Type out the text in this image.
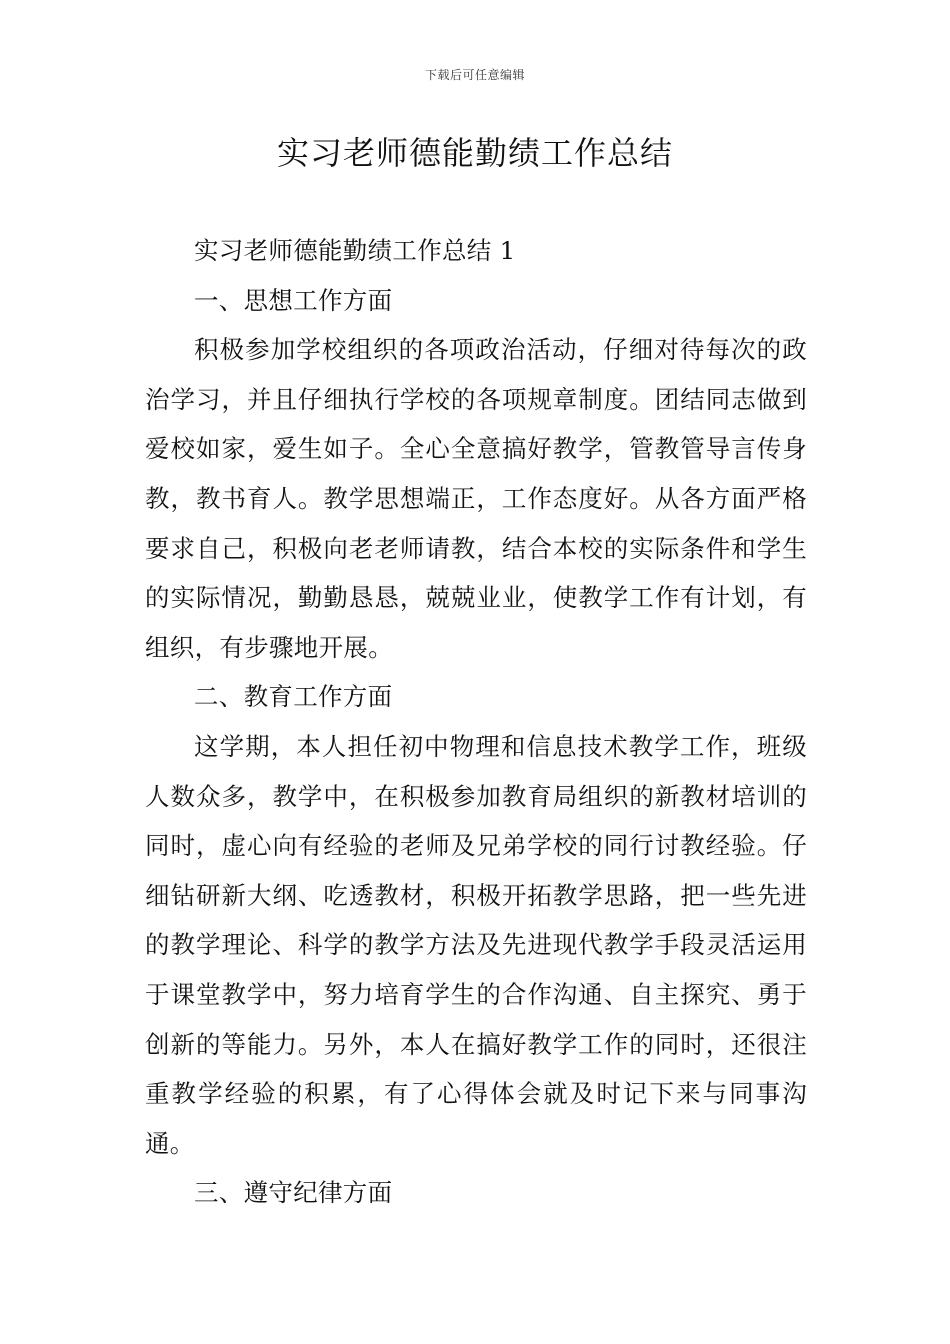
下载后可任意编辑
实习老师德能勤绩工作总结

实习老师德能勤绩工作总结 1

一、思想工作方面

积极参加学校组织的各项政治活动，仔细对待每次的政治学习，并且仔细执行学校的各项规章制度。团结同志做到爱校如家，爱生如子。全心全意搞好教学，管教管导言传身教，教书育人。教学思想端正，工作态度好。从各方面严格要求自己，积极向老老师请教，结合本校的实际条件和学生的实际情况，勤勤恳恳，兢兢业业，使教学工作有计划，有组织，有步骤地开展。

二、教育工作方面

这学期，本人担任初中物理和信息技术教学工作，班级人数众多，教学中，在积极参加教育局组织的新教材培训的同时，虚心向有经验的老师及兄弟学校的同行讨教经验。仔细钻研新大纲、吃透教材，积极开拓教学思路，把一些先进的教学理论、科学的教学方法及先进现代教学手段灵活运用于课堂教学中，努力培育学生的合作沟通、自主探究、勇于创新的等能力。另外，本人在搞好教学工作的同时，还很注重教学经验的积累，有了心得体会就及时记下来与同事沟通。

三、遵守纪律方面
